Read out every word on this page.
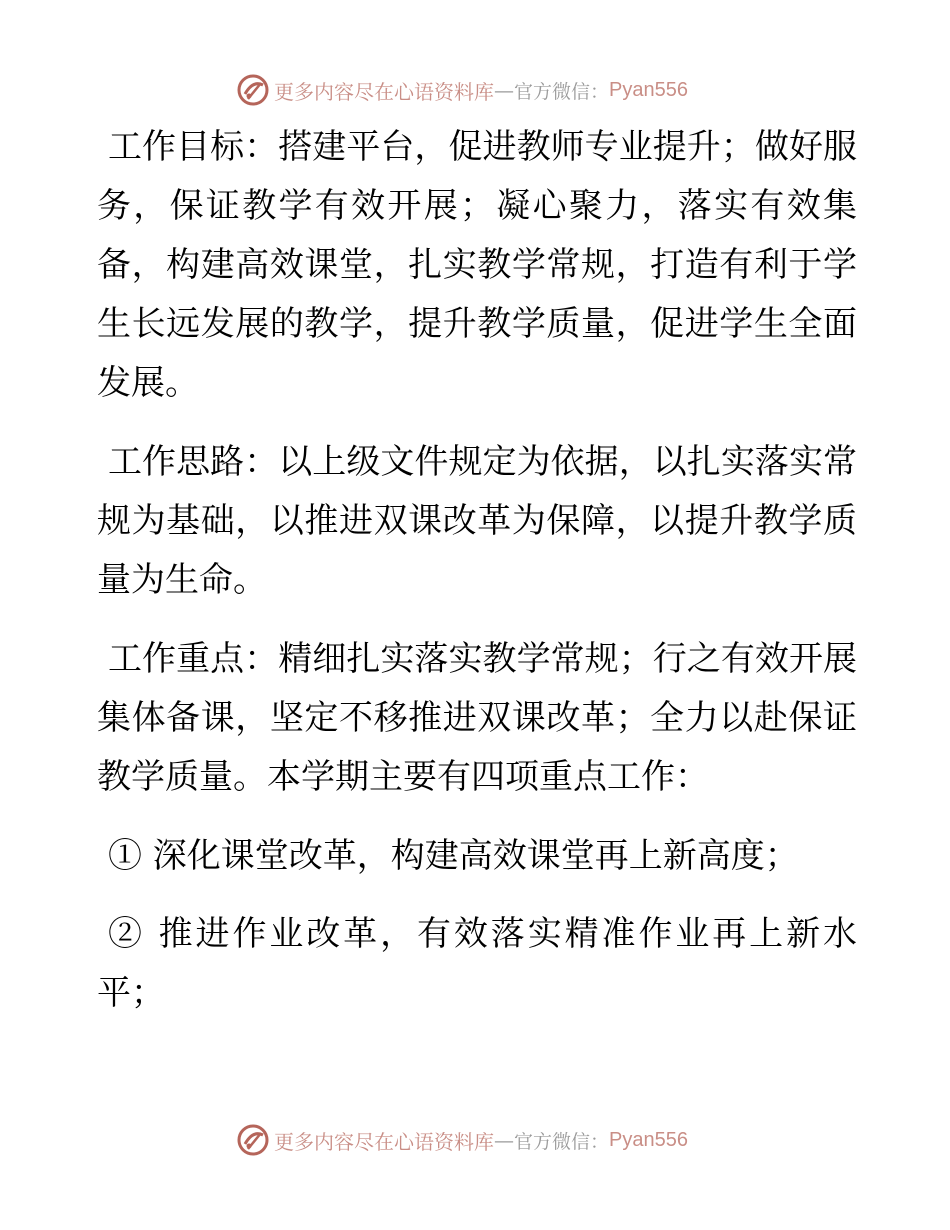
更多内容尽在心语资料库 — 官方微信： Pyan556

工作目标：搭建平台，促进教师专业提升；做好服务，保证教学有效开展；凝心聚力，落实有效集备，构建高效课堂，扎实教学常规，打造有利于学生长远发展的教学，提升教学质量，促进学生全面发展。

工作思路：以上级文件规定为依据，以扎实落实常规为基础，以推进双课改革为保障，以提升教学质量为生命。

工作重点：精细扎实落实教学常规；行之有效开展集体备课，坚定不移推进双课改革；全力以赴保证教学质量。本学期主要有四项重点工作：

① 深化课堂改革，构建高效课堂再上新高度；

② 推进作业改革，有效落实精准作业再上新水平；

更多内容尽在心语资料库 — 官方微信： Pyan556
